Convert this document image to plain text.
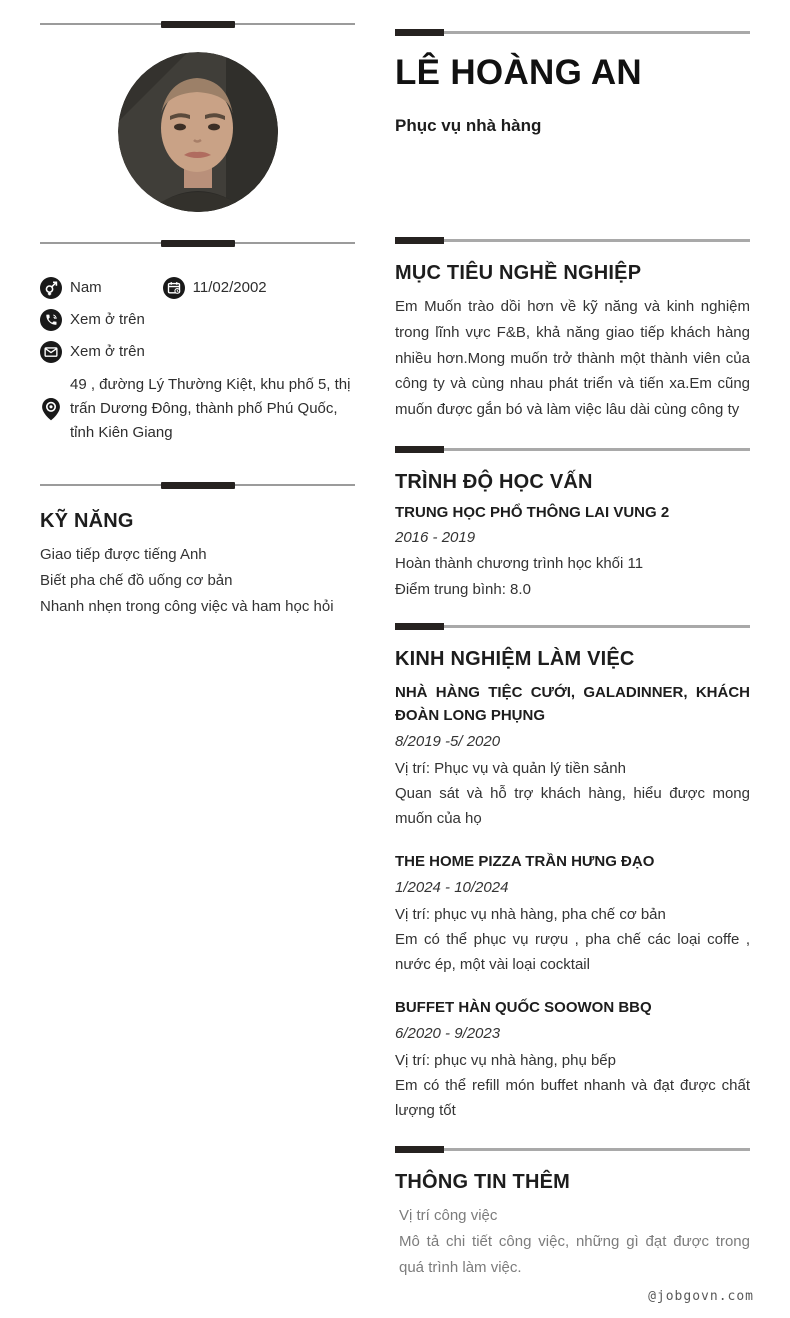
Nam	11/02/2002
Xem ở trên
Xem ở trên
49 , đường Lý Thường Kiệt, khu phố 5, thị trấn Dương Đông, thành phố Phú Quốc, tỉnh Kiên Giang
KỸ NĂNG
Giao tiếp được tiếng Anh
Biết pha chế đồ uống cơ bản
Nhanh nhẹn trong công việc và ham học hỏi
LÊ HOÀNG AN
Phục vụ nhà hàng
MỤC TIÊU NGHỀ NGHIỆP

Em Muốn trào dồi hơn về kỹ năng và kinh nghiệm trong lĩnh vực F&B, khả năng giao tiếp khách hàng nhiều hơn.Mong muốn trở thành một thành viên của công ty và cùng nhau phát triển và tiến xa.Em cũng muốn được gắn bó và làm việc lâu dài cùng công ty

TRÌNH ĐỘ HỌC VẤN
TRUNG HỌC PHỔ THÔNG LAI VUNG 2
2016 - 2019
Hoàn thành chương trình học khối 11
Điểm trung bình: 8.0
KINH NGHIỆM LÀM VIỆC
NHÀ HÀNG TIỆC CƯỚI, GALADINNER, KHÁCH ĐOÀN LONG PHỤNG
8/2019 -5/ 2020
Vị trí: Phục vụ và quản lý tiền sảnh
Quan sát và hỗ trợ khách hàng, hiểu được mong muốn của họ
THE HOME PIZZA TRẦN HƯNG ĐẠO
1/2024 - 10/2024
Vị trí: phục vụ nhà hàng, pha chế cơ bản
Em có thể phục vụ rượu , pha chế các loại coffe , nước ép, một vài loại cocktail
BUFFET HÀN QUỐC SOOWON BBQ
6/2020 - 9/2023
Vị trí: phục vụ nhà hàng, phụ bếp
Em có thể refill món buffet nhanh và đạt được chất lượng tốt
THÔNG TIN THÊM
Vị trí công việc
Mô tả chi tiết công việc, những gì đạt được trong quá trình làm việc.
@jobgovn.com
